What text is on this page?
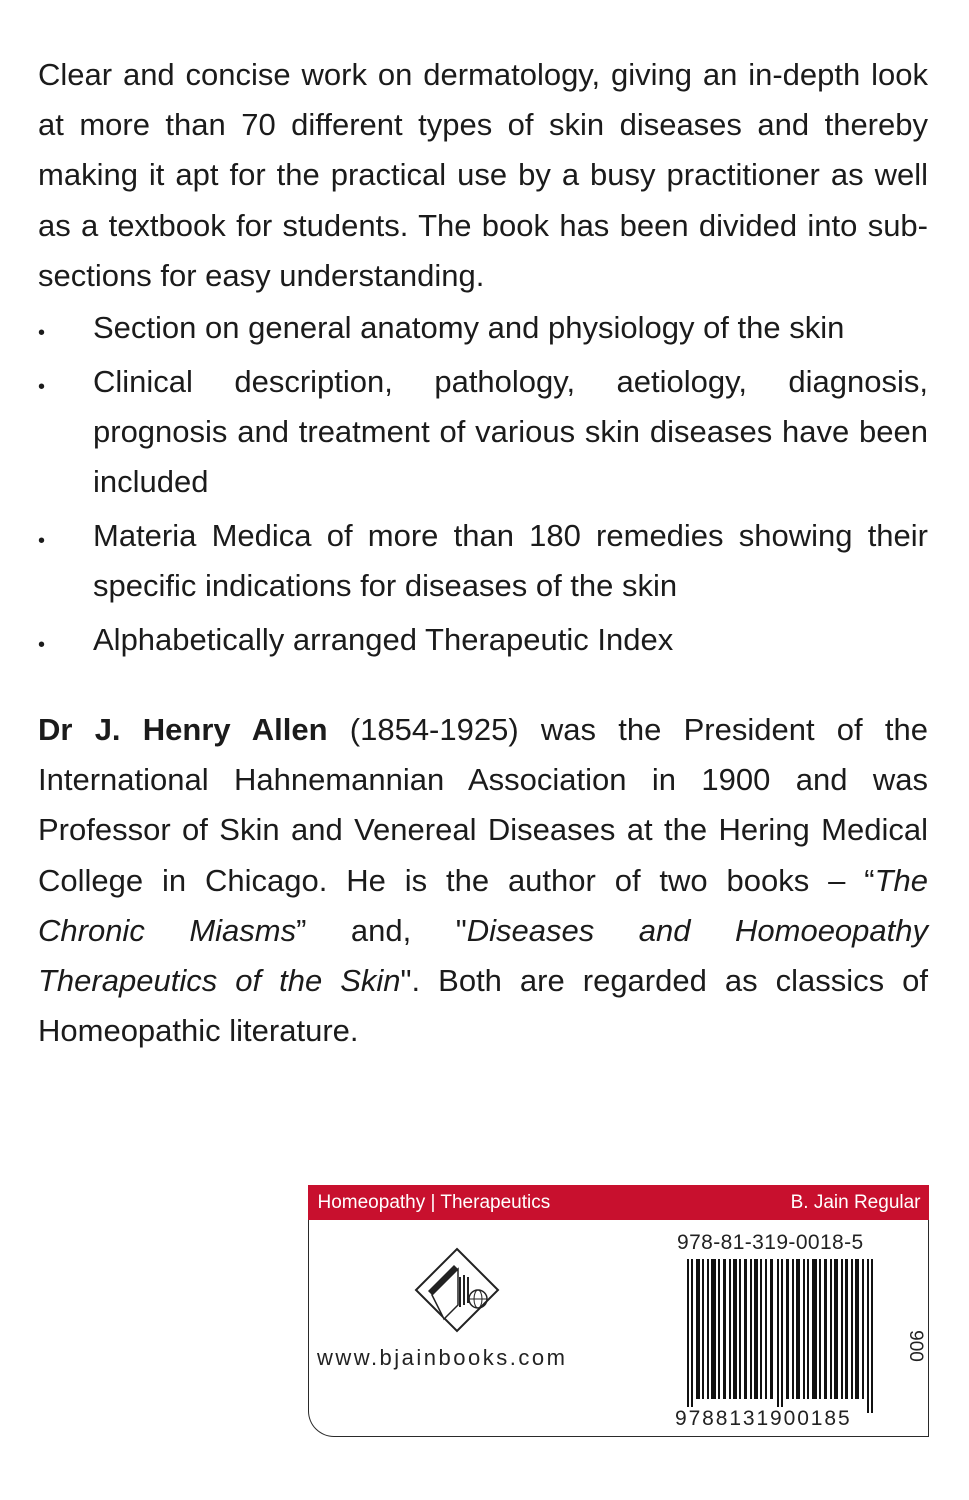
Clear and concise work on dermatology, giving an in-depth look at more than 70 different types of skin diseases and thereby making it apt for the practical use by a busy practitioner as well as a textbook for students. The book has been divided into sub-sections for easy understanding.

• Section on general anatomy and physiology of the skin
• Clinical description, pathology, aetiology, diagnosis, prognosis and treatment of various skin diseases have been included
• Materia Medica of more than 180 remedies showing their specific indications for diseases of the skin
• Alphabetically arranged Therapeutic Index

Dr J. Henry Allen (1854-1925) was the President of the International Hahnemannian Association in 1900 and was Professor of Skin and Venereal Diseases at the Hering Medical College in Chicago. He is the author of two books – “The Chronic Miasms” and, "Diseases and Homoeopathy Therapeutics of the Skin". Both are regarded as classics of Homeopathic literature.

Homeopathy | Therapeutics	B. Jain Regular
www.bjainbooks.com
978-81-319-0018-5
9788131900185
900
